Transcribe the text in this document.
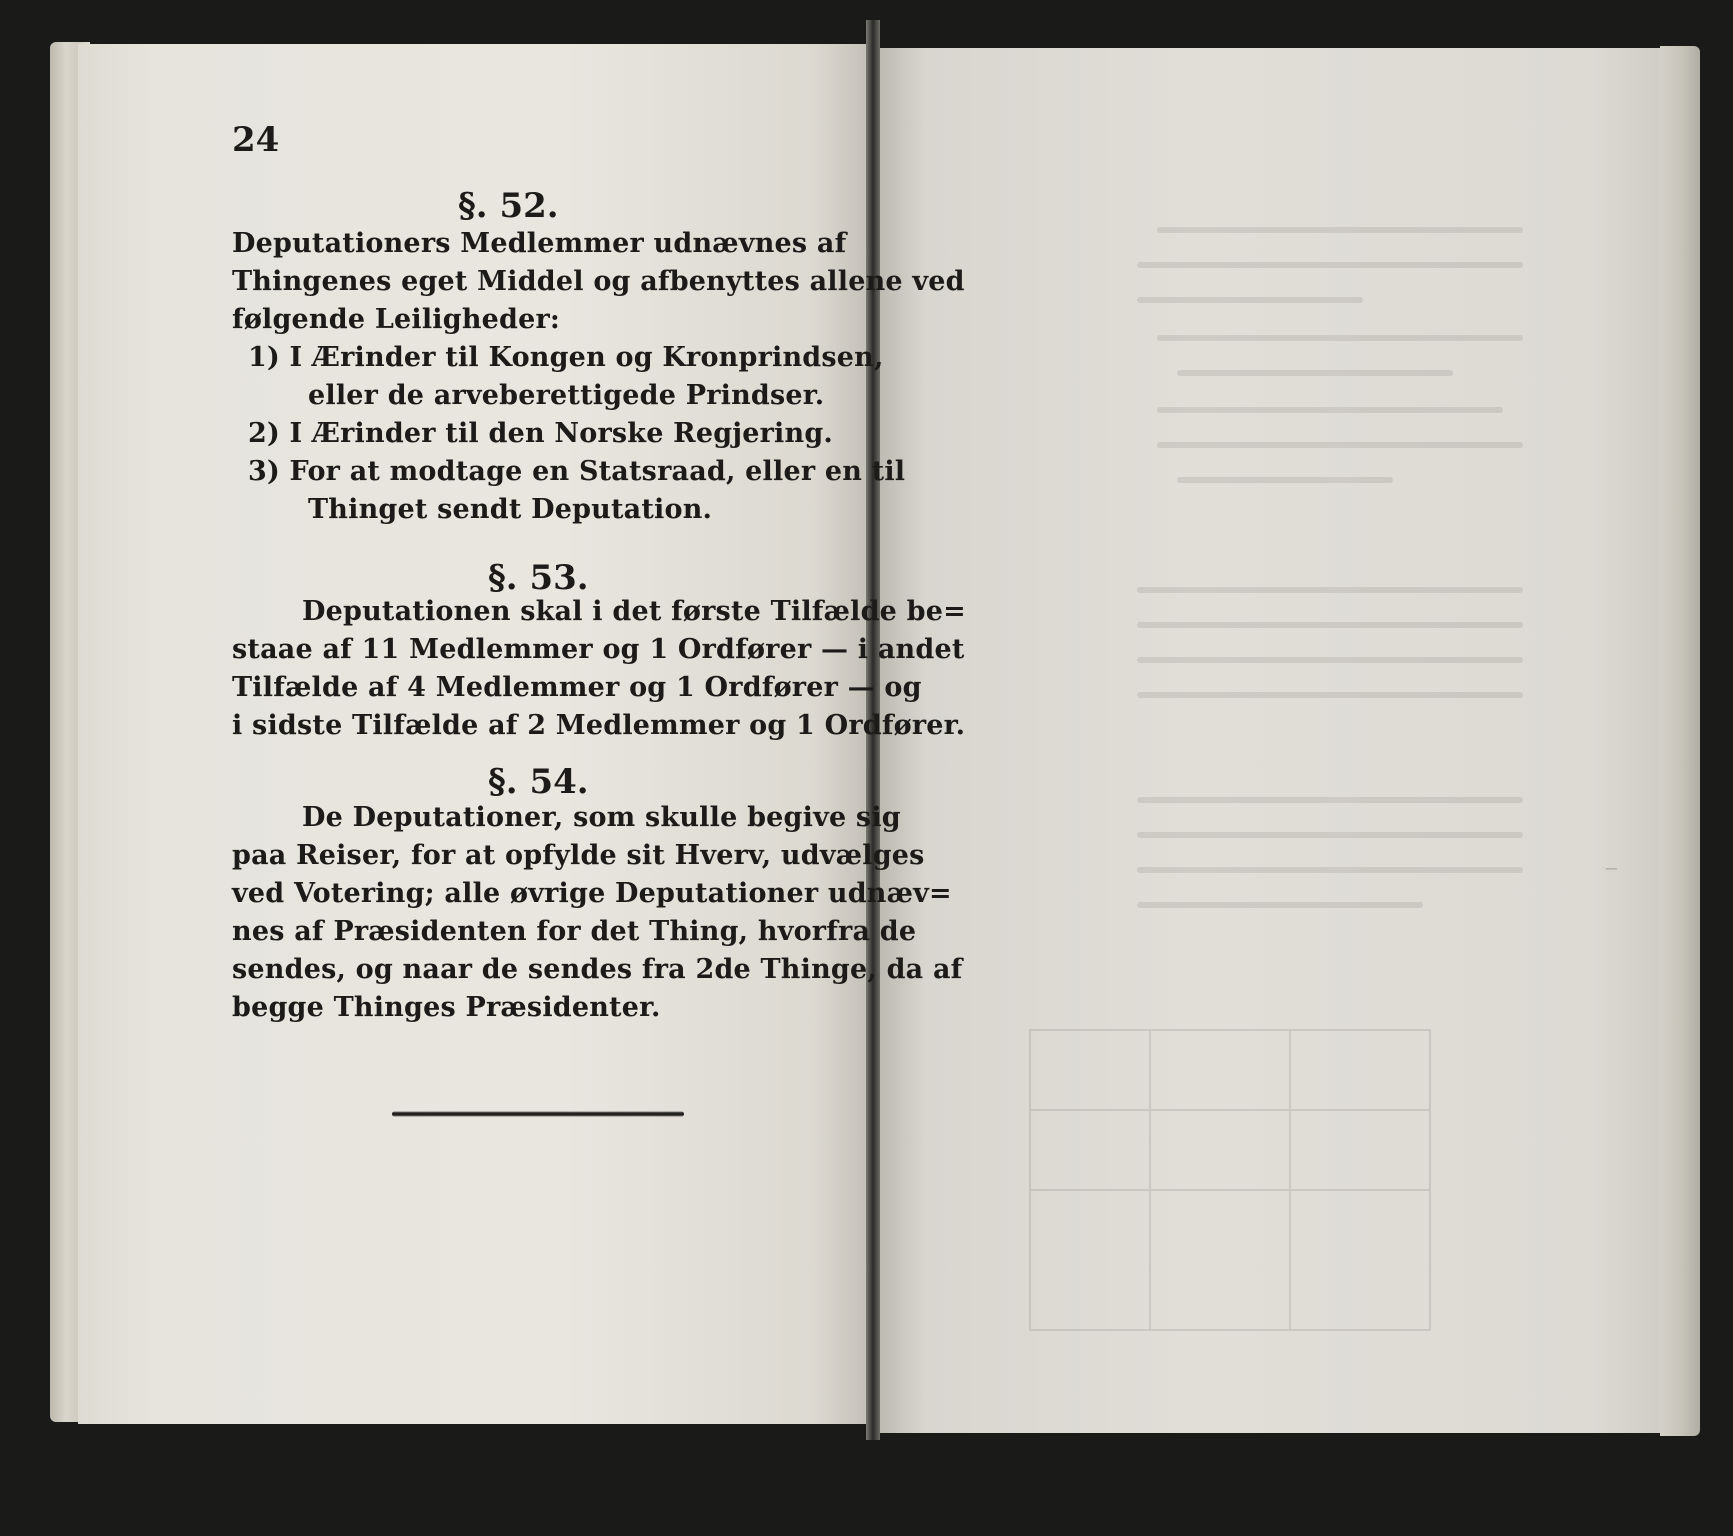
‒
24
§. 52.
Deputationers Medlemmer udnævnes af
Thingenes eget Middel og afbenyttes allene ved
følgende Leiligheder:
1) I Ærinder til Kongen og Kronprindsen,
eller de arveberettigede Prindser.
2) I Ærinder til den Norske Regjering.
3) For at modtage en Statsraad, eller en til
Thinget sendt Deputation.
§. 53.
Deputationen skal i det første Tilfælde be=
staae af 11 Medlemmer og 1 Ordfører — i andet
Tilfælde af 4 Medlemmer og 1 Ordfører — og
i sidste Tilfælde af 2 Medlemmer og 1 Ordfører.
§. 54.
De Deputationer, som skulle begive sig
paa Reiser, for at opfylde sit Hverv, udvælges
ved Votering; alle øvrige Deputationer udnæv=
nes af Præsidenten for det Thing, hvorfra de
sendes, og naar de sendes fra 2de Thinge, da af
begge Thinges Præsidenter.
